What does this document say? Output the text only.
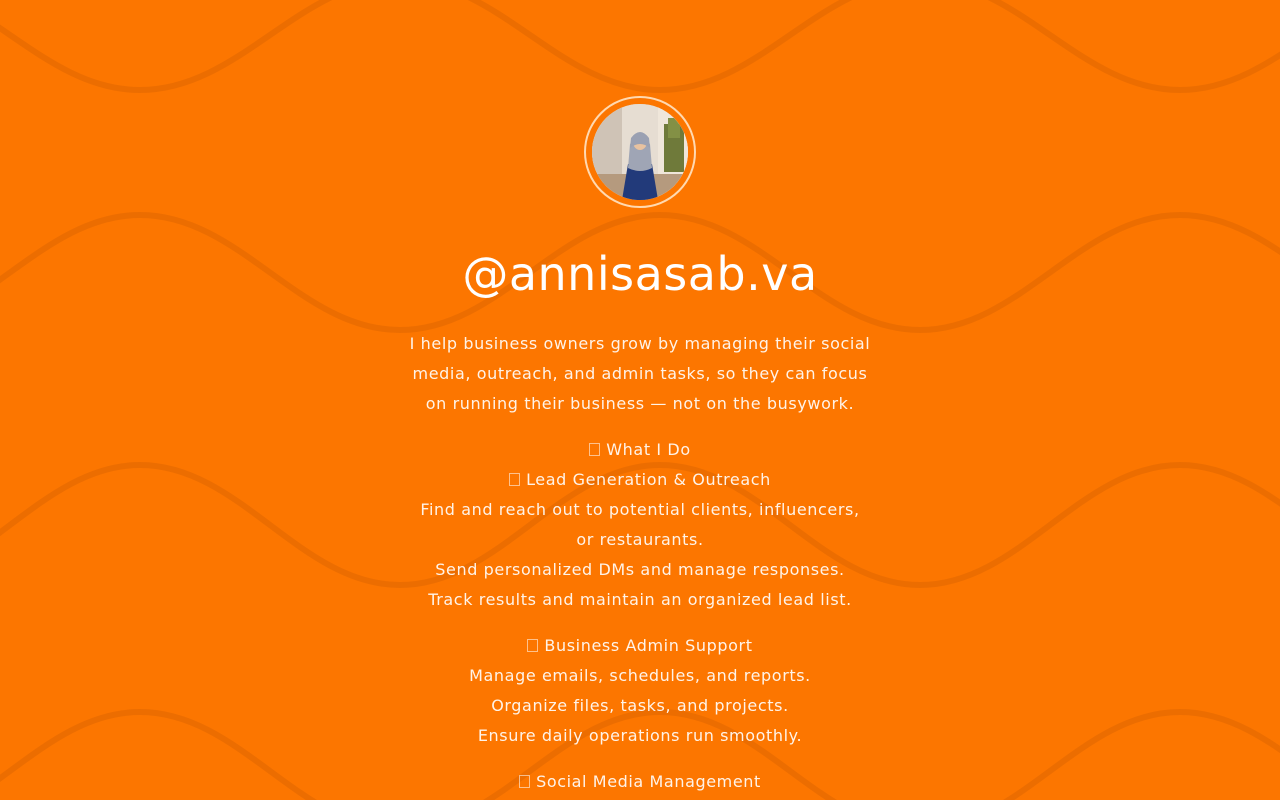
@annisasab.va

I help business owners grow by managing their social
media, outreach, and admin tasks, so they can focus
on running their business — not on the busywork.

What I Do
Lead Generation & Outreach
Find and reach out to potential clients, influencers,
or restaurants.
Send personalized DMs and manage responses.
Track results and maintain an organized lead list.

Business Admin Support
Manage emails, schedules, and reports.
Organize files, tasks, and projects.
Ensure daily operations run smoothly.

Social Media Management
